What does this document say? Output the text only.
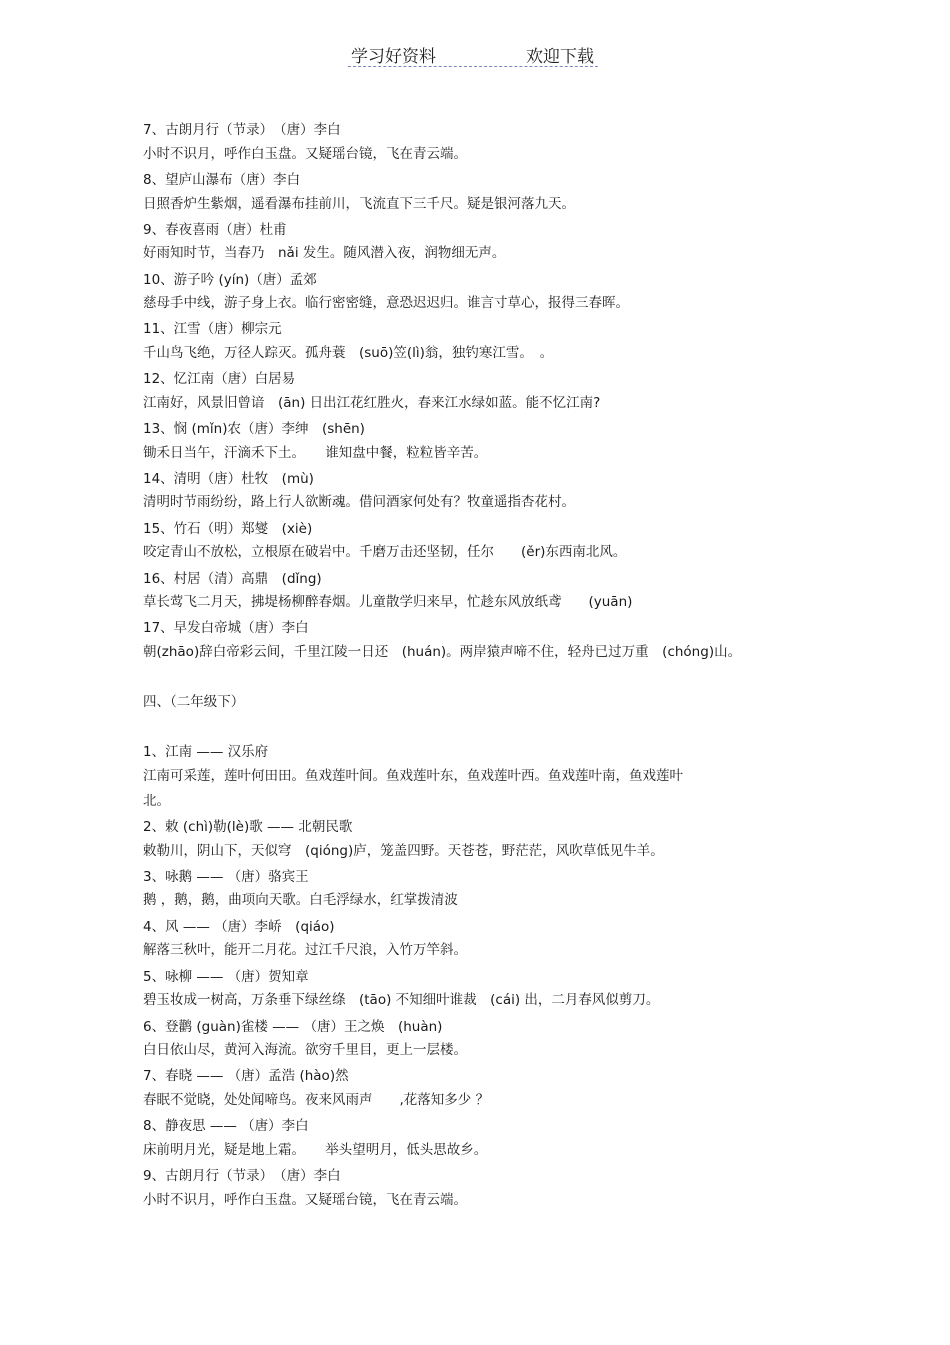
学习好资料	欢迎下载
7、古朗月行（节录）　（唐）李白
小时不识月，呼作白玉盘。又疑瑶台镜，飞在青云端。
8、望庐山瀑布（唐）李白
日照香炉生紫烟，遥看瀑布挂前川，飞流直下三千尺。疑是银河落九天。
9、春夜喜雨（唐）杜甫
好雨知时节，当春乃　nǎi 发生。随风潜入夜，润物细无声。
10、游子吟 (yín)（唐）孟郊
慈母手中线，游子身上衣。临行密密缝，意恐迟迟归。谁言寸草心，报得三春晖。
11、江雪（唐）柳宗元
千山鸟飞绝，万径人踪灭。孤舟蓑　(suō)笠(lì)翁，独钓寒江雪。　。
12、忆江南（唐）白居易
江南好，风景旧曾谙　(ān) 日出江花红胜火，春来江水绿如蓝。能不忆江南?
13、悯 (mǐn)农（唐）李绅　(shēn)
锄禾日当午，汗滴禾下土。　　谁知盘中餐，粒粒皆辛苦。
14、清明（唐）杜牧　(mù)
清明时节雨纷纷，路上行人欲断魂。借问酒家何处有？牧童遥指杏花村。
15、竹石（明）郑燮　(xiè)
咬定青山不放松，立根原在破岩中。千磨万击还坚韧，任尔　　(ěr)东西南北风。
16、村居（清）高鼎　(dǐng)
草长莺飞二月天，拂堤杨柳醉春烟。儿童散学归来早，忙趁东风放纸鸢　　(yuān)
17、早发白帝城（唐）李白
朝(zhāo)辞白帝彩云间，千里江陵一日还　(huán)。两岸猿声啼不住，轻舟已过万重　(chóng)山。
四、（二年级下）
1、江南 —— 汉乐府
江南可采莲，莲叶何田田。鱼戏莲叶间。鱼戏莲叶东，鱼戏莲叶西。鱼戏莲叶南，鱼戏莲叶
北。
2、敕 (chì)勒(lè)歌 —— 北朝民歌
敕勒川，阴山下，天似穹　(qióng)庐，笼盖四野。天苍苍，野茫茫，风吹草低见牛羊。
3、咏鹅 —— （唐）骆宾王
鹅 ，鹅，鹅，曲项向天歌。白毛浮绿水，红掌拨清波
4、风 —— （唐）李峤　(qiáo)
解落三秋叶，能开二月花。过江千尺浪，入竹万竿斜。
5、咏柳 —— （唐）贺知章
碧玉妆成一树高，万条垂下绿丝绦　(tāo) 不知细叶谁裁　(cái) 出，二月春风似剪刀。
6、登鹳 (guàn)雀楼 —— （唐）王之焕　(huàn)
白日依山尽，黄河入海流。欲穷千里目，更上一层楼。
7、春晓 —— （唐）孟浩 (hào)然
春眠不觉晓，处处闻啼鸟。夜来风雨声　　,花落知多少 ？
8、静夜思 —— （唐）李白
床前明月光，疑是地上霜。　　举头望明月，低头思故乡。
9、古朗月行（节录）　（唐）李白
小时不识月，呼作白玉盘。又疑瑶台镜，飞在青云端。
